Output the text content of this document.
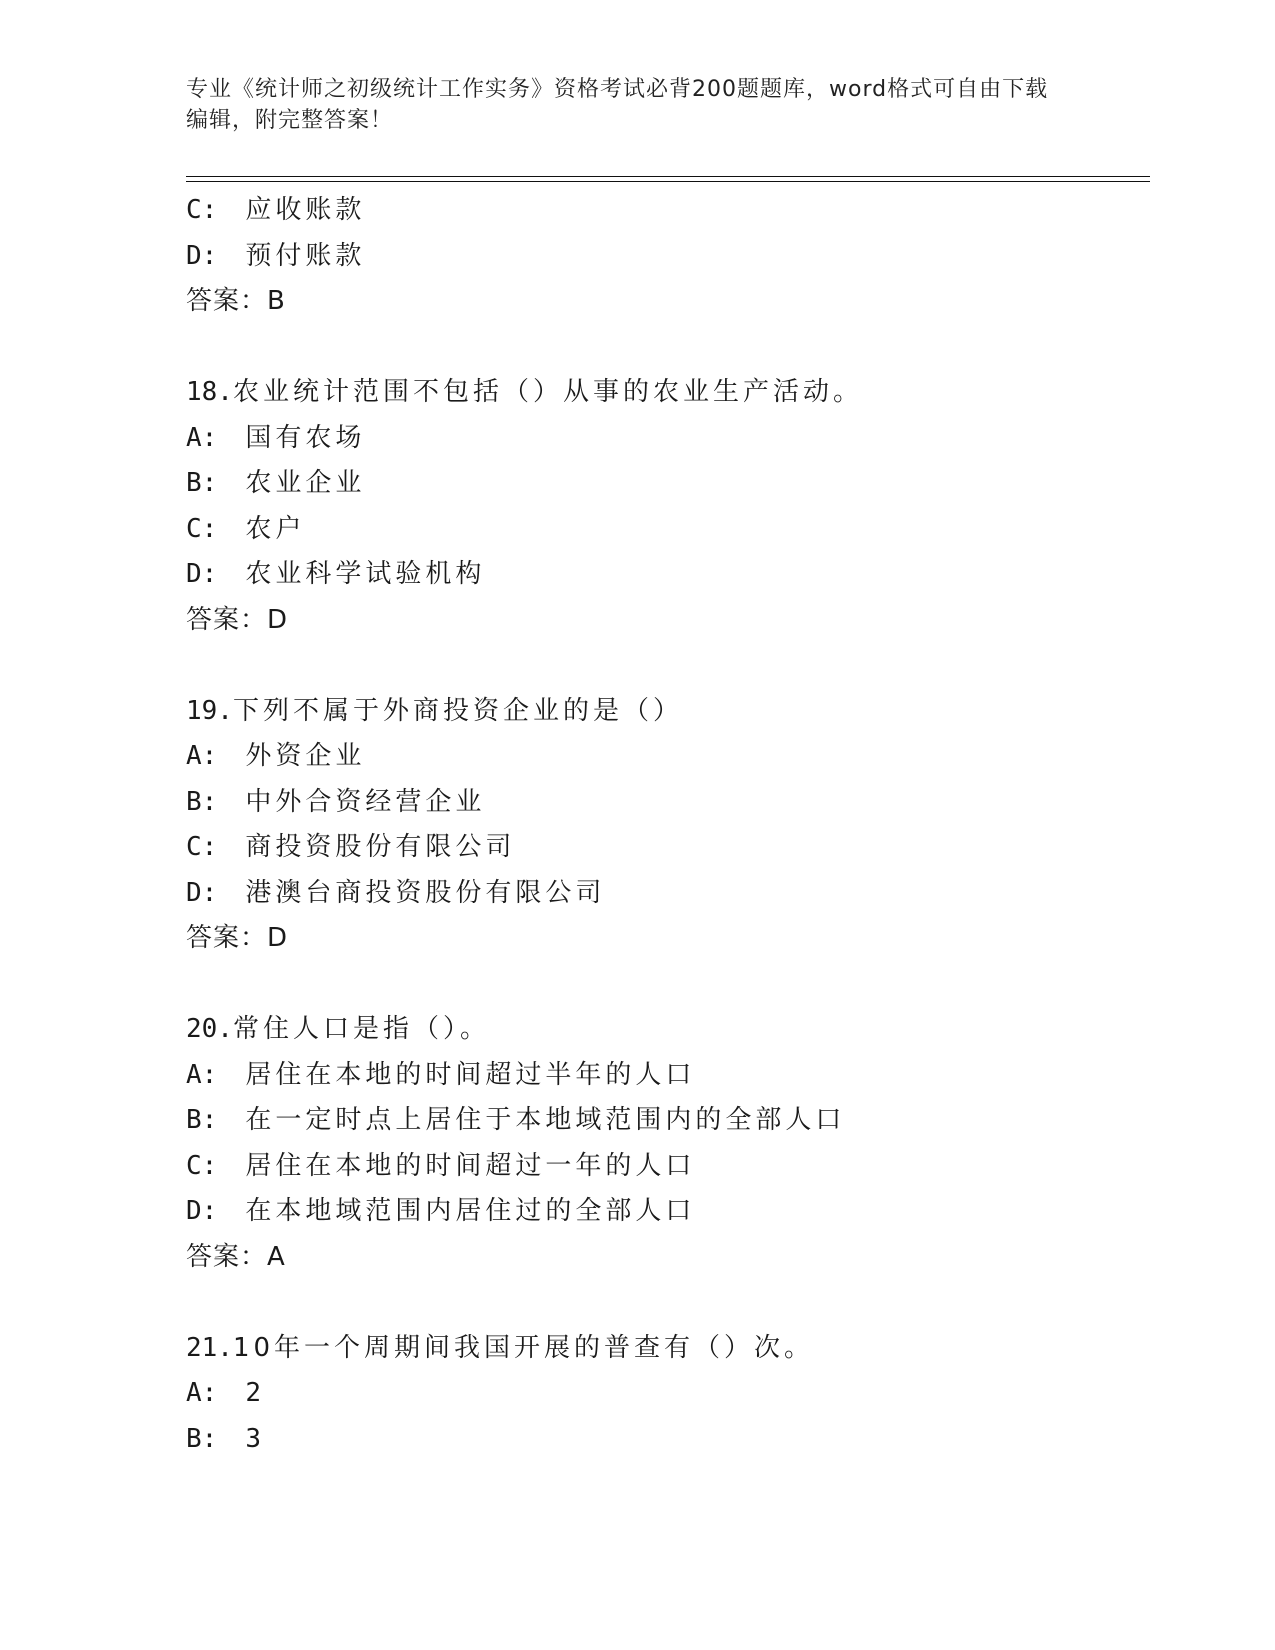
专业《统计师之初级统计工作实务》资格考试必背200题题库，word格式可自由下载编辑，附完整答案！

C: 应收账款
D: 预付账款
答案：B
18.农业统计范围不包括（）从事的农业生产活动。
A: 国有农场
B: 农业企业
C: 农户
D: 农业科学试验机构
答案：D
19.下列不属于外商投资企业的是（）
A: 外资企业
B: 中外合资经营企业
C: 商投资股份有限公司
D: 港澳台商投资股份有限公司
答案：D
20.常住人口是指（）。
A: 居住在本地的时间超过半年的人口
B: 在一定时点上居住于本地域范围内的全部人口
C: 居住在本地的时间超过一年的人口
D: 在本地域范围内居住过的全部人口
答案：A
21.10年一个周期间我国开展的普查有（）次。
A: 2
B: 3
